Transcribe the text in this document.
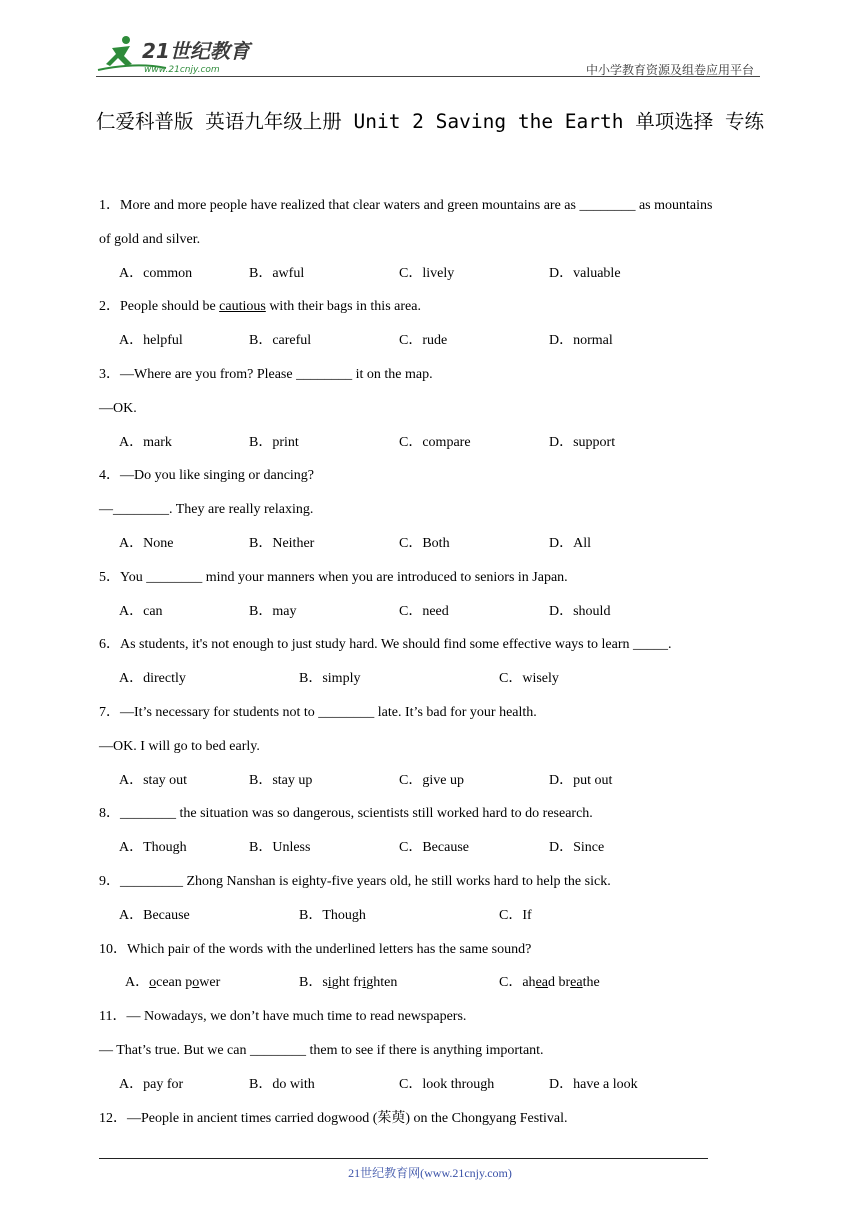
21世纪教育
www.21cnjy.com	中小学教育资源及组卷应用平台
仁爱科普版 英语九年级上册 Unit 2 Saving the Earth 单项选择 专练
1．More and more people have realized that clear waters and green mountains are as ________ as mountains
of gold and silver.
A．common	B．awful	C．lively	D．valuable
2．People should be cautious with their bags in this area.
A．helpful	B．careful	C．rude	D．normal
3．—Where are you from? Please ________ it on the map.
—OK.
A．mark	B．print	C．compare	D．support
4．—Do you like singing or dancing?
—________. They are really relaxing.
A．None	B．Neither	C．Both	D．All
5．You ________ mind your manners when you are introduced to seniors in Japan.
A．can	B．may	C．need	D．should
6．As students, it's not enough to just study hard. We should find some effective ways to learn _____.
A．directly	B．simply	C．wisely
7．—It’s necessary for students not to ________ late. It’s bad for your health.
—OK. I will go to bed early.
A．stay out	B．stay up	C．give up	D．put out
8．________ the situation was so dangerous, scientists still worked hard to do research.
A．Though	B．Unless	C．Because	D．Since
9．_________ Zhong Nanshan is eighty-five years old, he still works hard to help the sick.
A．Because	B．Though	C．If
10．Which pair of the words with the underlined letters has the same sound?
A．ocean power	B．sight frighten	C．ahead breathe
11．— Nowadays, we don’t have much time to read newspapers.
— That’s true. But we can ________ them to see if there is anything important.
A．pay for	B．do with	C．look through	D．have a look
12．—People in ancient times carried dogwood (茱萸) on the Chongyang Festival.
21世纪教育网(www.21cnjy.com)
